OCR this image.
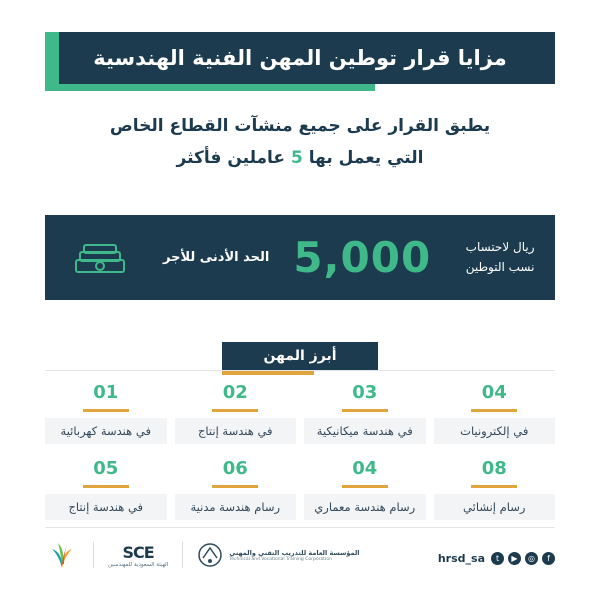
مزايا قرار توطين المهن الفنية الهندسية
يطبق القرار على جميع منشآت القطاع الخاص
التي يعمل بها 5 عاملين فأكثر
ريال لاحتساب نسب التوطين
5,000
الحد الأدنى للأجر
أبرز المهن
04
في إلكترونيات
03
في هندسة ميكانيكية
02
في هندسة إنتاج
01
في هندسة كهربائية
08
رسام إنشائي
04
رسام هندسة معماري
06
رسام هندسة مدنية
05
في هندسة إنتاج
f
◎
▶
t
hrsd_sa
المؤسسة العامة للتدريب التقني والمهني
Technical and Vocational Training Corporation
SCE
الهيئة السعودية للمهندسين
